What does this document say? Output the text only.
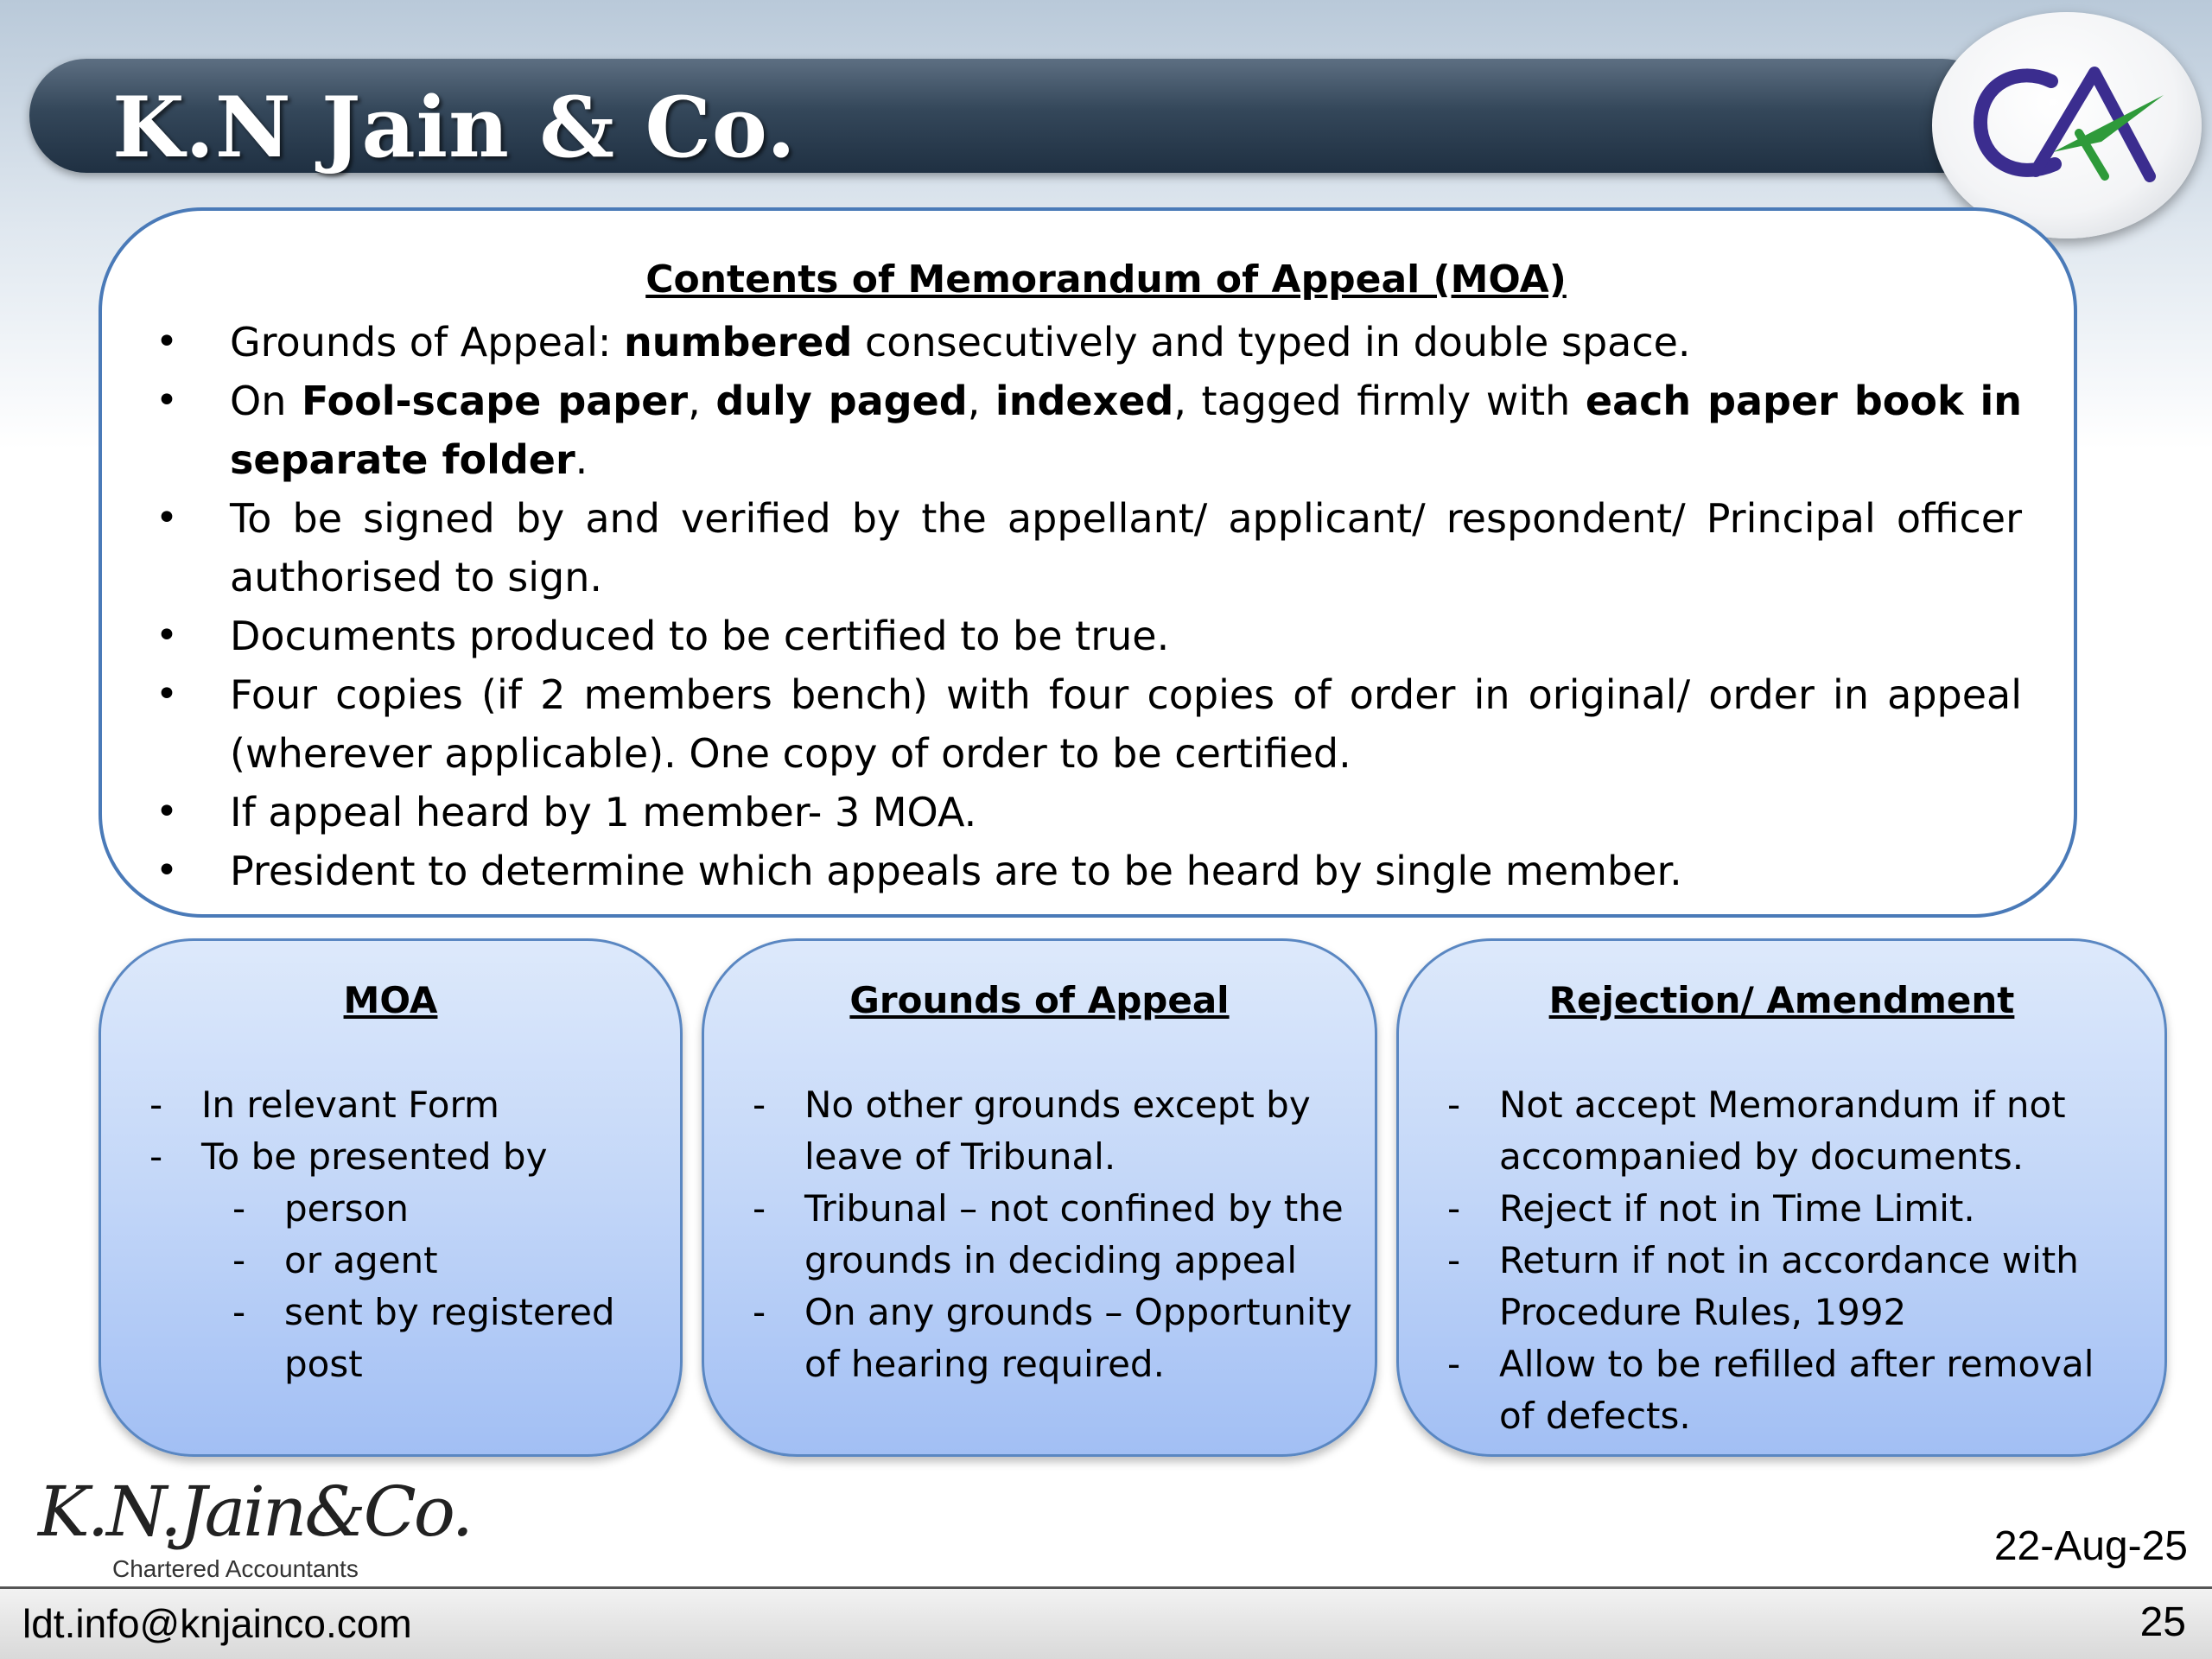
K.N Jain & Co.
Contents of Memorandum of Appeal (MOA)
• Grounds of Appeal: numbered consecutively and typed in double space.
• On Fool-scape paper, duly paged, indexed, tagged firmly with each paper book in separate folder.
• To be signed by and verified by the appellant/ applicant/ respondent/ Principal officer authorised to sign.
• Documents produced to be certified to be true.
• Four copies (if 2 members bench) with four copies of order in original/ order in appeal (wherever applicable). One copy of order to be certified.
• If appeal heard by 1 member- 3 MOA.
• President to determine which appeals are to be heard by single member.
MOA
- In relevant Form
- To be presented by
- person
- or agent
- sent by registered post
Grounds of Appeal
- No other grounds except by leave of Tribunal.
- Tribunal – not confined by the grounds in deciding appeal
- On any grounds – Opportunity of hearing required.
Rejection/ Amendment
- Not accept Memorandum if not accompanied by documents.
- Reject if not in Time Limit.
- Return if not in accordance with Procedure Rules, 1992
- Allow to be refilled after removal of defects.
K.N.Jain&Co.
Chartered Accountants	22-Aug-25
ldt.info@knjainco.com	25
